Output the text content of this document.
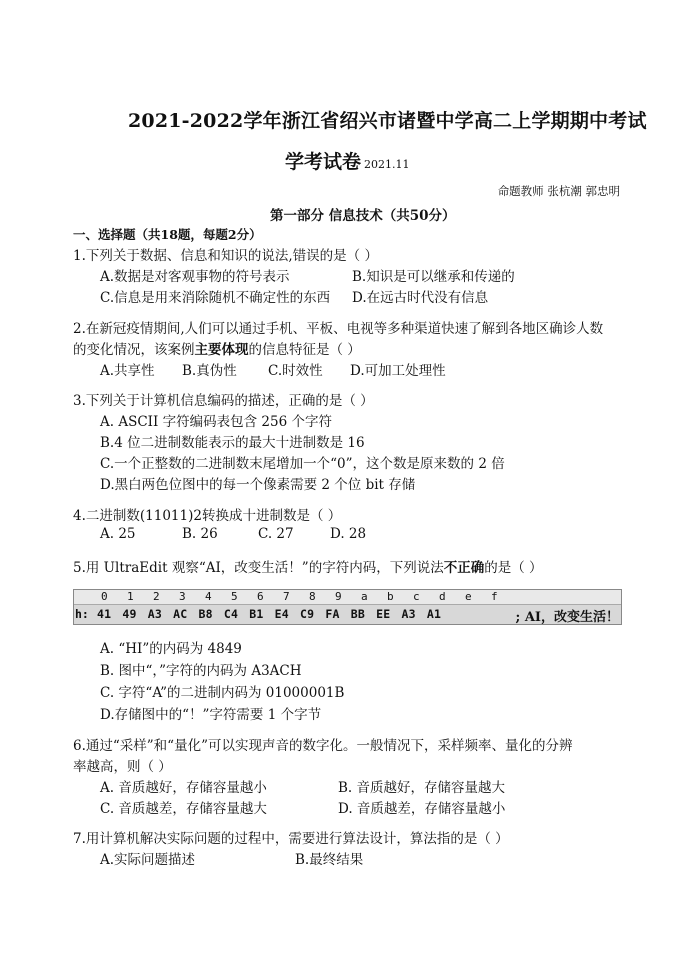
2021-2022学年浙江省绍兴市诸暨中学高二上学期期中考试
学考试卷 2021.11
命题教师 张杭潮 郭忠明
第一部分 信息技术（共50分）
一、选择题（共18题，每题2分）
1.下列关于数据、信息和知识的说法,错误的是（ ）
A.数据是对客观事物的符号表示	B.知识是可以继承和传递的
C.信息是用来消除随机不确定性的东西 D.在远古时代没有信息
2.在新冠疫情期间,人们可以通过手机、平板、电视等多种渠道快速了解到各地区确诊人数
的变化情况，该案例主要体现的信息特征是（ ）
A.共享性 B.真伪性 C.时效性 D.可加工处理性
3.下列关于计算机信息编码的描述，正确的是（ ）
A. ASCII 字符编码表包含 256 个字符
B.4 位二进制数能表示的最大十进制数是 16
C.一个正整数的二进制数末尾增加一个“0”，这个数是原来数的 2 倍
D.黑白两色位图中的每一个像素需要 2 个位 bit 存储
4.二进制数(11011)2转换成十进制数是（ ）
A. 25	B. 26	C. 27	D. 28
5.用 UltraEdit 观察“AI，改变生活！”的字符内码，下列说法不正确的是（ ）
0 1 2 3 4 5 6 7 8 9 a b c d e f
h: 41 49 A3 AC B8 C4 B1 E4 C9 FA BB EE A3 A1	; AI，改变生活！
A. “HI”的内码为 4849
B. 图中“，”字符的内码为 A3ACH
C. 字符“A”的二进制内码为 01000001B
D.存储图中的“！”字符需要 1 个字节
6.通过“采样”和“量化”可以实现声音的数字化。一般情况下，采样频率、量化的分辨
率越高，则（ ）
A. 音质越好，存储容量越小	B. 音质越好，存储容量越大
C. 音质越差，存储容量越大	D. 音质越差，存储容量越小
7.用计算机解决实际问题的过程中，需要进行算法设计，算法指的是（ ）
A.实际问题描述	B.最终结果
